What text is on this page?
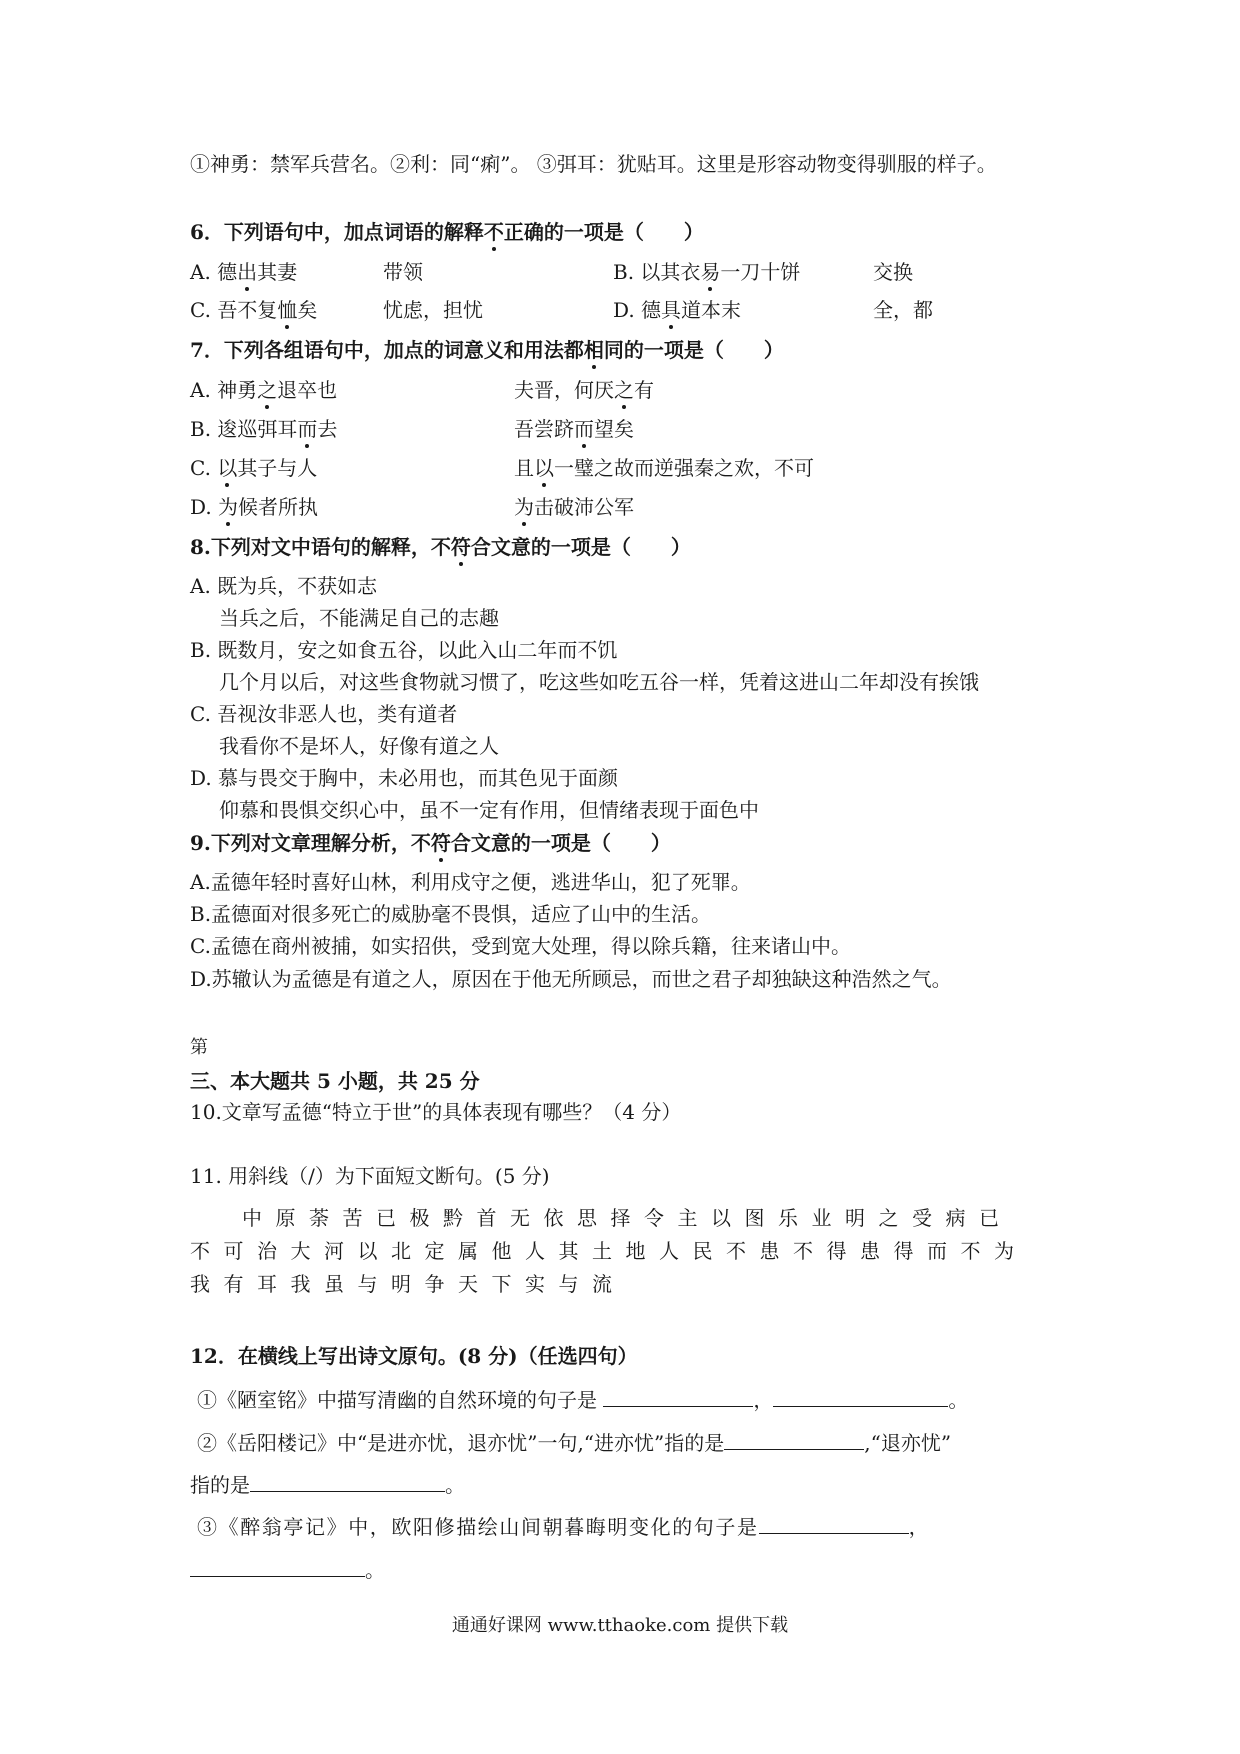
①神勇：禁军兵营名。②利：同“痢”。 ③弭耳：犹贴耳。这里是形容动物变得驯服的样子。
6．下列语句中，加点词语的解释不正确的一项是（　　）
A. 德出其妻	带领	B. 以其衣易一刀十饼	交换
C. 吾不复恤矣	忧虑，担忧	D. 德具道本末	全，都
7．下列各组语句中，加点的词意义和用法都相同的一项是（　　）
A. 神勇之退卒也	夫晋，何厌之有
B. 逡巡弭耳而去	吾尝跻而望矣
C. 以其子与人	且以一璧之故而逆强秦之欢，不可
D. 为候者所执	为击破沛公军
8.下列对文中语句的解释，不符合文意的一项是（　　）
A. 既为兵，不获如志
当兵之后，不能满足自己的志趣
B. 既数月，安之如食五谷，以此入山二年而不饥
几个月以后，对这些食物就习惯了，吃这些如吃五谷一样，凭着这进山二年却没有挨饿
C. 吾视汝非恶人也，类有道者
我看你不是坏人，好像有道之人
D. 慕与畏交于胸中，未必用也，而其色见于面颜
仰慕和畏惧交织心中，虽不一定有作用，但情绪表现于面色中
9.下列对文章理解分析，不符合文意的一项是（　　）
A.孟德年轻时喜好山林，利用戍守之便，逃进华山，犯了死罪。
B.孟德面对很多死亡的威胁毫不畏惧，适应了山中的生活。
C.孟德在商州被捕，如实招供，受到宽大处理，得以除兵籍，往来诸山中。
D.苏辙认为孟德是有道之人，原因在于他无所顾忌，而世之君子却独缺这种浩然之气。
第
三、本大题共 5 小题，共 25 分
10.文章写孟德“特立于世”的具体表现有哪些？（4 分）
11. 用斜线（/）为下面短文断句。(5 分)
中原荼苦已极黔首无依思择令主以图乐业明之受病已
不可治大河以北定属他人其土地人民不患不得患得而不为
我有耳我虽与明争天下实与流
12．在横线上写出诗文原句。(8 分)（任选四句）
①《陋室铭》中描写清幽的自然环境的句子是	，	。
②《岳阳楼记》中“是进亦忧，退亦忧”一句,“进亦忧”指的是	,“退亦忧”
指的是	。
③《醉翁亭记》中，欧阳修描绘山间朝暮晦明变化的句子是	，
。
通通好课网 www.tthaoke.com 提供下载
